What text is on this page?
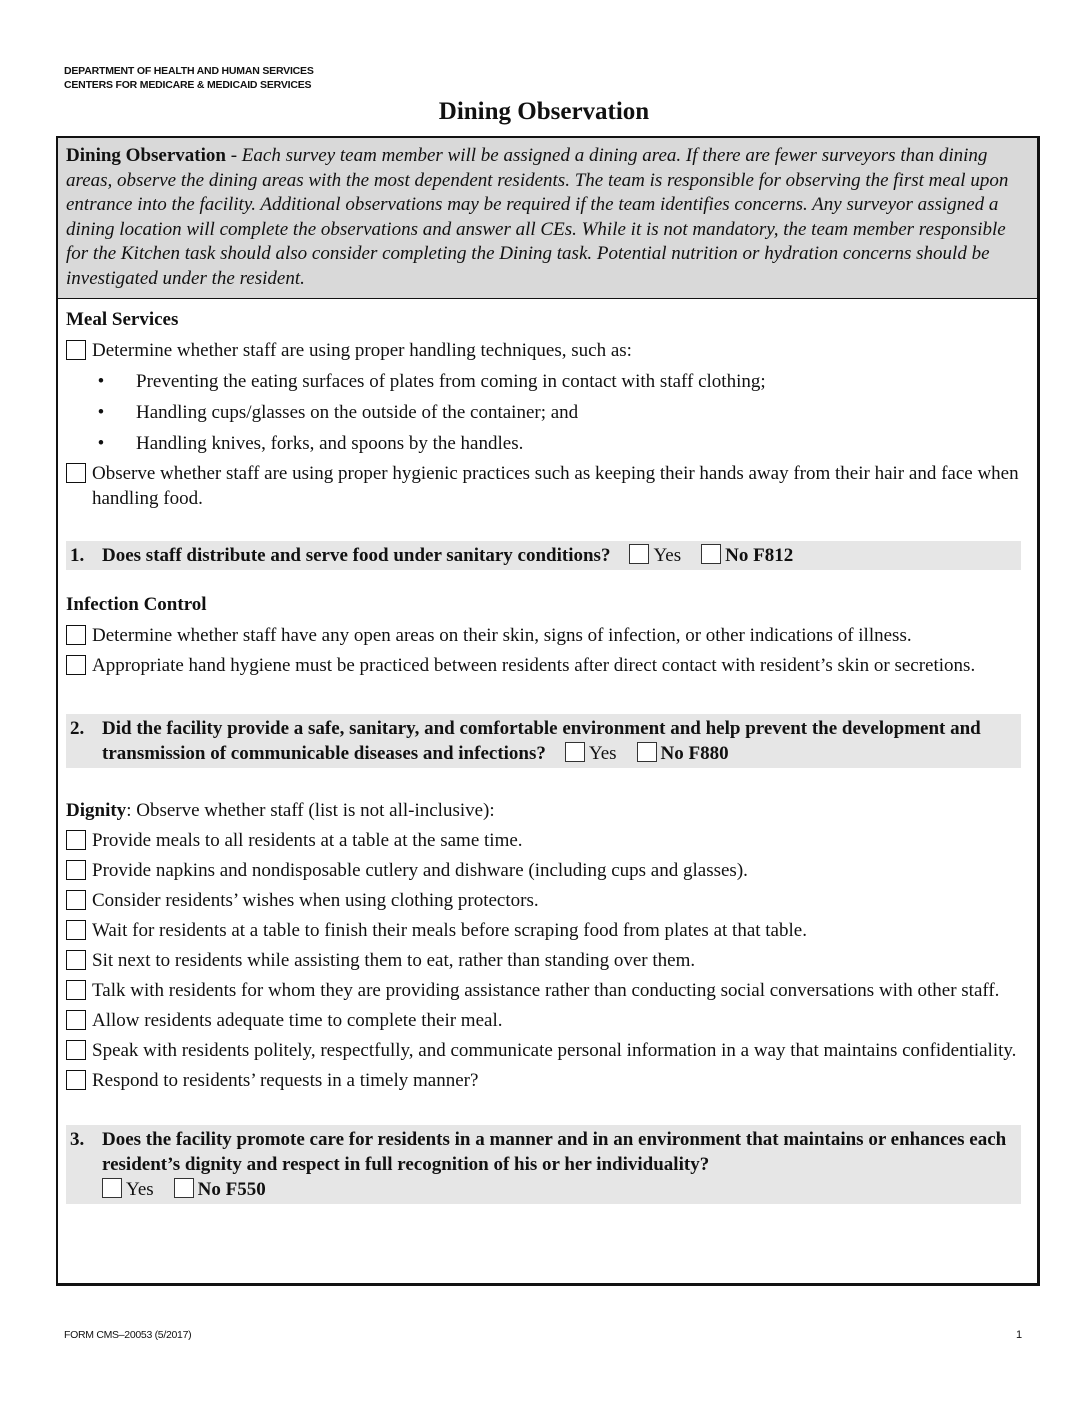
DEPARTMENT OF HEALTH AND HUMAN SERVICES
CENTERS FOR MEDICARE & MEDICAID SERVICES
Dining Observation
Dining Observation - Each survey team member will be assigned a dining area. If there are fewer surveyors than dining areas, observe the dining areas with the most dependent residents. The team is responsible for observing the first meal upon entrance into the facility. Additional observations may be required if the team identifies concerns. Any surveyor assigned a dining location will complete the observations and answer all CEs. While it is not mandatory, the team member responsible for the Kitchen task should also consider completing the Dining task. Potential nutrition or hydration concerns should be investigated under the resident.
Meal Services
Determine whether staff are using proper handling techniques, such as:
•	Preventing the eating surfaces of plates from coming in contact with staff clothing;
•	Handling cups/glasses on the outside of the container; and
•	Handling knives, forks, and spoons by the handles.
Observe whether staff are using proper hygienic practices such as keeping their hands away from their hair and face when handling food.
1. Does staff distribute and serve food under sanitary conditions? Yes No F812
Infection Control
Determine whether staff have any open areas on their skin, signs of infection, or other indications of illness.
Appropriate hand hygiene must be practiced between residents after direct contact with resident’s skin or secretions.
2. Did the facility provide a safe, sanitary, and comfortable environment and help prevent the development and transmission of communicable diseases and infections? Yes No F880
Dignity: Observe whether staff (list is not all-inclusive):
Provide meals to all residents at a table at the same time.
Provide napkins and nondisposable cutlery and dishware (including cups and glasses).
Consider residents’ wishes when using clothing protectors.
Wait for residents at a table to finish their meals before scraping food from plates at that table.
Sit next to residents while assisting them to eat, rather than standing over them.
Talk with residents for whom they are providing assistance rather than conducting social conversations with other staff.
Allow residents adequate time to complete their meal.
Speak with residents politely, respectfully, and communicate personal information in a way that maintains confidentiality.
Respond to residents’ requests in a timely manner?
3. Does the facility promote care for residents in a manner and in an environment that maintains or enhances each resident’s dignity and respect in full recognition of his or her individuality?
Yes No F550
FORM CMS–20053 (5/2017)	1
